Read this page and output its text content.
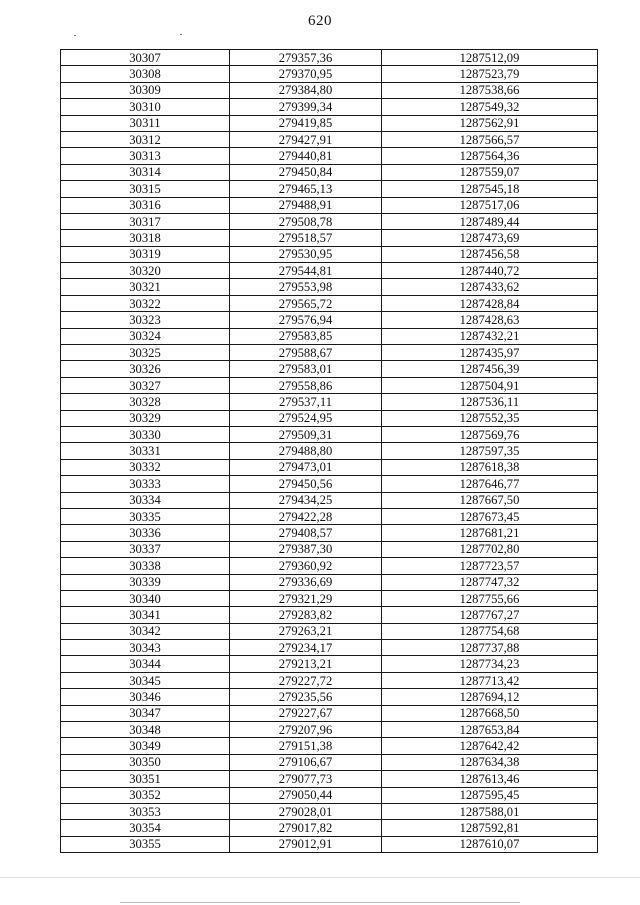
620
30307	279357,36	1287512,09
30308	279370,95	1287523,79
30309	279384,80	1287538,66
30310	279399,34	1287549,32
30311	279419,85	1287562,91
30312	279427,91	1287566,57
30313	279440,81	1287564,36
30314	279450,84	1287559,07
30315	279465,13	1287545,18
30316	279488,91	1287517,06
30317	279508,78	1287489,44
30318	279518,57	1287473,69
30319	279530,95	1287456,58
30320	279544,81	1287440,72
30321	279553,98	1287433,62
30322	279565,72	1287428,84
30323	279576,94	1287428,63
30324	279583,85	1287432,21
30325	279588,67	1287435,97
30326	279583,01	1287456,39
30327	279558,86	1287504,91
30328	279537,11	1287536,11
30329	279524,95	1287552,35
30330	279509,31	1287569,76
30331	279488,80	1287597,35
30332	279473,01	1287618,38
30333	279450,56	1287646,77
30334	279434,25	1287667,50
30335	279422,28	1287673,45
30336	279408,57	1287681,21
30337	279387,30	1287702,80
30338	279360,92	1287723,57
30339	279336,69	1287747,32
30340	279321,29	1287755,66
30341	279283,82	1287767,27
30342	279263,21	1287754,68
30343	279234,17	1287737,88
30344	279213,21	1287734,23
30345	279227,72	1287713,42
30346	279235,56	1287694,12
30347	279227,67	1287668,50
30348	279207,96	1287653,84
30349	279151,38	1287642,42
30350	279106,67	1287634,38
30351	279077,73	1287613,46
30352	279050,44	1287595,45
30353	279028,01	1287588,01
30354	279017,82	1287592,81
30355	279012,91	1287610,07
